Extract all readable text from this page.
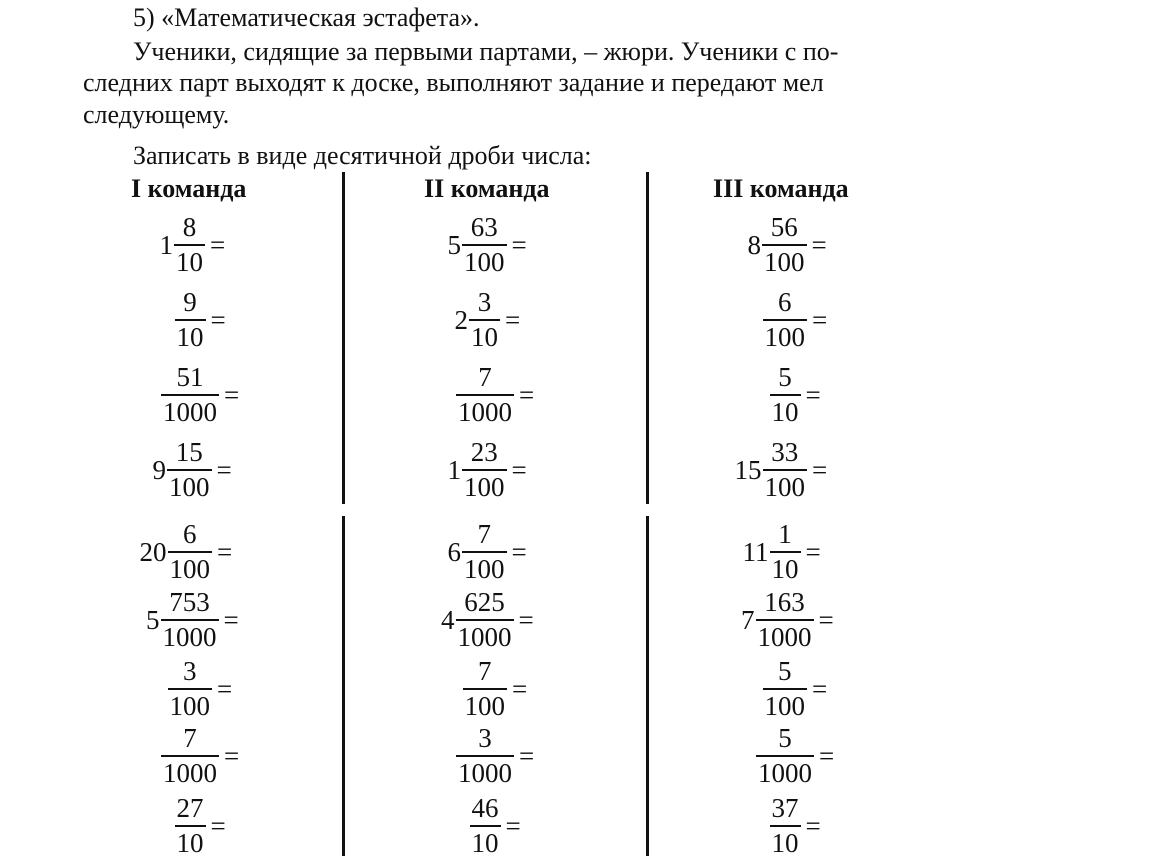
5) «Математическая эстафета».
Ученики, сидящие за первыми партами, – жюри. Ученики с по-
следних парт выходят к доске, выполняют задание и передают мел
следующему.
Записать в виде десятичной дроби числа:
I команда	II команда	III команда
$1 \frac{8}{10}$ =
$\frac{9}{10}$ =
$\frac{51}{1000}$ =
$9 \frac{15}{100}$ =
$20 \frac{6}{100}$ =
$5 \frac{753}{1000}$ =
$\frac{3}{100}$ =
$\frac{7}{1000}$ =
$\frac{27}{10}$ =
$5 \frac{63}{100}$ =
$2 \frac{3}{10}$ =
$\frac{7}{1000}$ =
$1 \frac{23}{100}$ =
$6 \frac{7}{100}$ =
$4 \frac{625}{1000}$ =
$\frac{7}{100}$ =
$\frac{3}{1000}$ =
$\frac{46}{10}$ =
$8 \frac{56}{100}$ =
$\frac{6}{100}$ =
$\frac{5}{10}$ =
$15 \frac{33}{100}$ =
$11 \frac{1}{10}$ =
$7 \frac{163}{1000}$ =
$\frac{5}{100}$ =
$\frac{5}{1000}$ =
$\frac{37}{10}$ =
